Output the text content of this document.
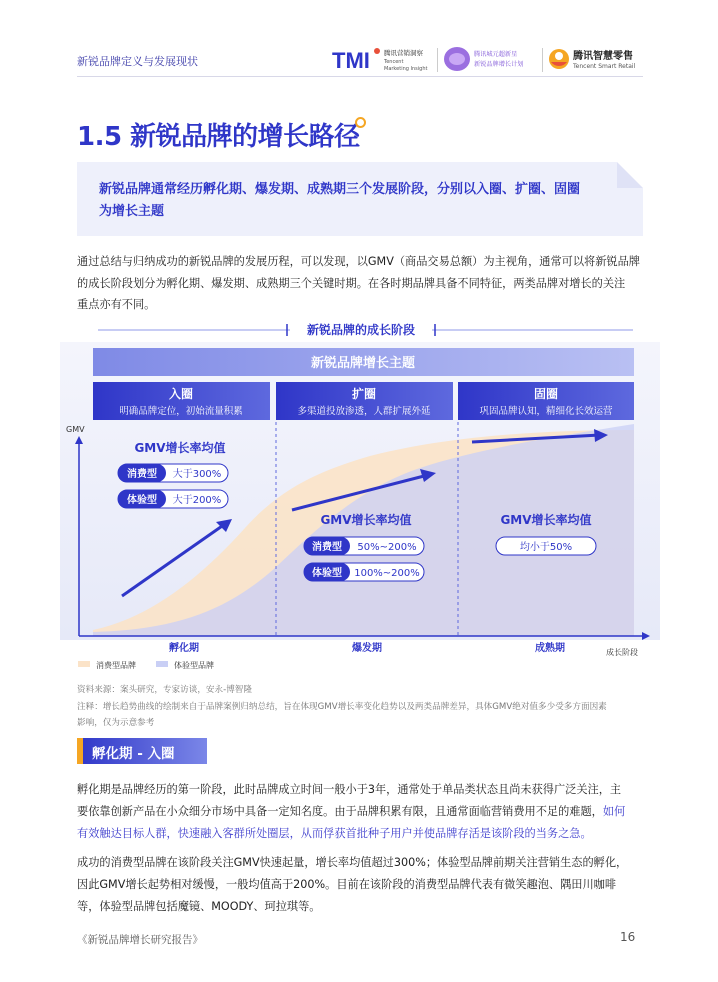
新锐品牌定义与发展现状	TMI 腾讯营销洞察
Tencent
Marketing Insight
腾讯城元超新星
新锐品牌增长计划
腾讯智慧零售
Tencent Smart Retail
1.5 新锐品牌的增长路径
新锐品牌通常经历孵化期、爆发期、成熟期三个发展阶段，分别以入圈、扩圈、固圈
为增长主题
通过总结与归纳成功的新锐品牌的发展历程，可以发现，以GMV（商品交易总额）为主视角，通常可以将新锐品牌
的成长阶段划分为孵化期、爆发期、成熟期三个关键时期。在各时期品牌具备不同特征，两类品牌对增长的关注
重点亦有不同。
新锐品牌的成长阶段
新锐品牌增长主题
入圈
明确品牌定位，初始流量积累
扩圈
多渠道投放渗透，人群扩展外延
固圈
巩固品牌认知，精细化长效运营
GMV
成长阶段
孵化期	爆发期	成熟期
GMV增长率均值
消费型 大于300%
体验型 大于200%
GMV增长率均值
消费型 50%~200%
体验型 100%~200%
GMV增长率均值
均小于50%
消费型品牌	体验型品牌
资料来源：案头研究，专家访谈，安永-博智隆
注释：增长趋势曲线的绘制来自于品牌案例归纳总结，旨在体现GMV增长率变化趋势以及两类品牌差异，具体GMV绝对值多少受多方面因素
影响，仅为示意参考
孵化期 - 入圈
孵化期是品牌经历的第一阶段，此时品牌成立时间一般小于3年，通常处于单品类状态且尚未获得广泛关注，主
要依靠创新产品在小众细分市场中具备一定知名度。由于品牌积累有限，且通常面临营销费用不足的难题，如何
有效触达目标人群，快速融入客群所处圈层，从而俘获首批种子用户并使品牌存活是该阶段的当务之急。
成功的消费型品牌在该阶段关注GMV快速起量，增长率均值超过300%；体验型品牌前期关注营销生态的孵化，
因此GMV增长起势相对缓慢，一般均值高于200%。目前在该阶段的消费型品牌代表有微笑趣泡、隅田川咖啡
等，体验型品牌包括魔镜、MOODY、珂拉琪等。
《新锐品牌增长研究报告》	16
